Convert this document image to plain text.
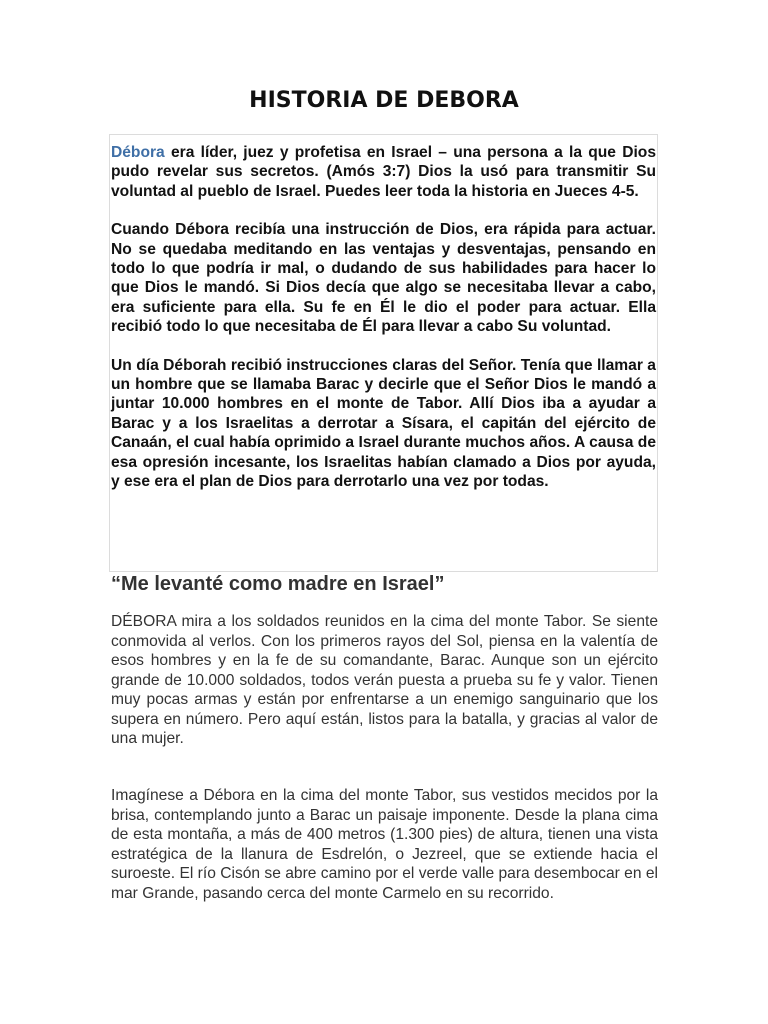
HISTORIA DE DEBORA

Débora era líder, juez y profetisa en Israel – una persona a la que Dios pudo revelar sus secretos. (Amós 3:7) Dios la usó para transmitir Su voluntad al pueblo de Israel. Puedes leer toda la historia en Jueces 4-5.

Cuando Débora recibía una instrucción de Dios, era rápida para actuar. No se quedaba meditando en las ventajas y desventajas, pensando en todo lo que podría ir mal, o dudando de sus habilidades para hacer lo que Dios le mandó. Si Dios decía que algo se necesitaba llevar a cabo, era suficiente para ella. Su fe en Él le dio el poder para actuar. Ella recibió todo lo que necesitaba de Él para llevar a cabo Su voluntad.

Un día Déborah recibió instrucciones claras del Señor. Tenía que llamar a un hombre que se llamaba Barac y decirle que el Señor Dios le mandó a juntar 10.000 hombres en el monte de Tabor. Allí Dios iba a ayudar a Barac y a los Israelitas a derrotar a Sísara, el capitán del ejército de Canaán, el cual había oprimido a Israel durante muchos años. A causa de esa opresión incesante, los Israelitas habían clamado a Dios por ayuda, y ese era el plan de Dios para derrotarlo una vez por todas.

“Me levanté como madre en Israel”

DÉBORA mira a los soldados reunidos en la cima del monte Tabor. Se siente conmovida al verlos. Con los primeros rayos del Sol, piensa en la valentía de esos hombres y en la fe de su comandante, Barac. Aunque son un ejército grande de 10.000 soldados, todos verán puesta a prueba su fe y valor. Tienen muy pocas armas y están por enfrentarse a un enemigo sanguinario que los supera en número. Pero aquí están, listos para la batalla, y gracias al valor de una mujer.

Imagínese a Débora en la cima del monte Tabor, sus vestidos mecidos por la brisa, contemplando junto a Barac un paisaje imponente. Desde la plana cima de esta montaña, a más de 400 metros (1.300 pies) de altura, tienen una vista estratégica de la llanura de Esdrelón, o Jezreel, que se extiende hacia el suroeste. El río Cisón se abre camino por el verde valle para desembocar en el mar Grande, pasando cerca del monte Carmelo en su recorrido.
